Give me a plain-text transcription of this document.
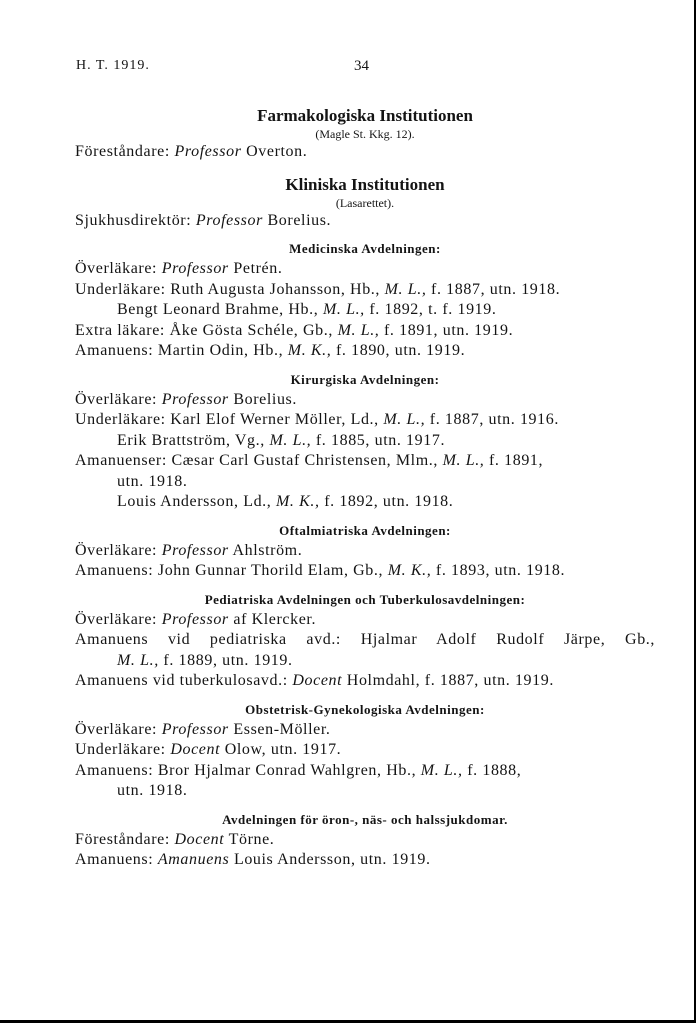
H. T. 1919.	34
Farmakologiska Institutionen
(Magle St. Kkg. 12).
Föreståndare: Professor Overton.
Kliniska Institutionen
(Lasarettet).
Sjukhusdirektör: Professor Borelius.
Medicinska Avdelningen:
Överläkare: Professor Petrén.
Underläkare: Ruth Augusta Johansson, Hb., M. L., f. 1887, utn. 1918.
Bengt Leonard Brahme, Hb., M. L., f. 1892, t. f. 1919.
Extra läkare: Åke Gösta Schéle, Gb., M. L., f. 1891, utn. 1919.
Amanuens: Martin Odin, Hb., M. K., f. 1890, utn. 1919.
Kirurgiska Avdelningen:
Överläkare: Professor Borelius.
Underläkare: Karl Elof Werner Möller, Ld., M. L., f. 1887, utn. 1916.
Erik Brattström, Vg., M. L., f. 1885, utn. 1917.
Amanuenser: Cæsar Carl Gustaf Christensen, Mlm., M. L., f. 1891,
utn. 1918.
Louis Andersson, Ld., M. K., f. 1892, utn. 1918.
Oftalmiatriska Avdelningen:
Överläkare: Professor Ahlström.
Amanuens: John Gunnar Thorild Elam, Gb., M. K., f. 1893, utn. 1918.
Pediatriska Avdelningen och Tuberkulosavdelningen:
Överläkare: Professor af Klercker.
Amanuens vid pediatriska avd.: Hjalmar Adolf Rudolf Järpe, Gb.,
M. L., f. 1889, utn. 1919.
Amanuens vid tuberkulosavd.: Docent Holmdahl, f. 1887, utn. 1919.
Obstetrisk-Gynekologiska Avdelningen:
Överläkare: Professor Essen-Möller.
Underläkare: Docent Olow, utn. 1917.
Amanuens: Bror Hjalmar Conrad Wahlgren, Hb., M. L., f. 1888,
utn. 1918.
Avdelningen för öron-, näs- och halssjukdomar.
Föreståndare: Docent Törne.
Amanuens: Amanuens Louis Andersson, utn. 1919.
